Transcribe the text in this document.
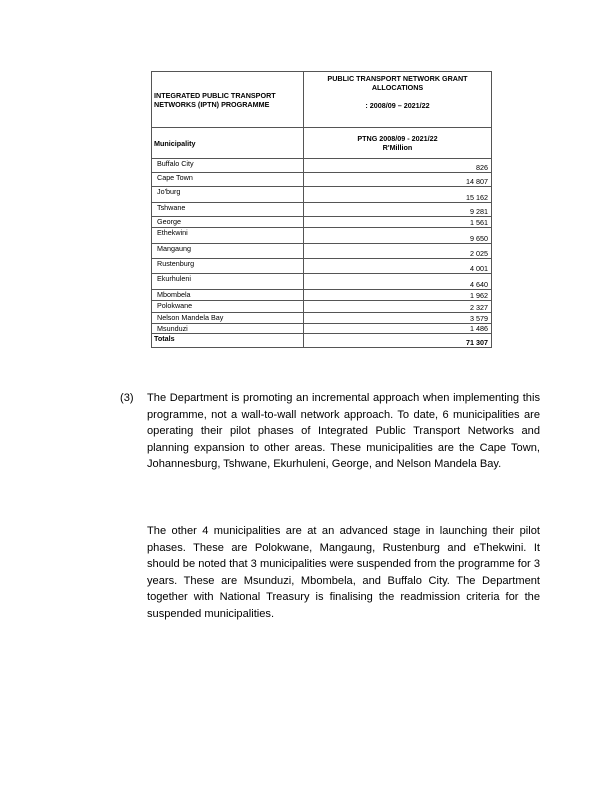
INTEGRATED PUBLIC TRANSPORT NETWORKS (IPTN) PROGRAMME	PUBLIC TRANSPORT NETWORK GRANT ALLOCATIONS
: 2008/09 – 2021/22

Municipality	PTNG 2008/09 - 2021/22
R'Million

Buffalo City	826
Cape Town	14 807
Jo'burg	15 162
Tshwane	9 281
George	1 561
Ethekwini	9 650
Mangaung	2 025
Rustenburg	4 001
Ekurhuleni	4 640
Mbombela	1 962
Polokwane	2 327
Nelson Mandela Bay	3 579
Msunduzi	1 486
Totals	71 307
(3) The Department is promoting an incremental approach when implementing this programme, not a wall-to-wall network approach. To date, 6 municipalities are operating their pilot phases of Integrated Public Transport Networks and planning expansion to other areas. These municipalities are the Cape Town, Johannesburg, Tshwane, Ekurhuleni, George, and Nelson Mandela Bay.
The other 4 municipalities are at an advanced stage in launching their pilot phases. These are Polokwane, Mangaung, Rustenburg and eThekwini. It should be noted that 3 municipalities were suspended from the programme for 3 years. These are Msunduzi, Mbombela, and Buffalo City. The Department together with National Treasury is finalising the readmission criteria for the suspended municipalities.
